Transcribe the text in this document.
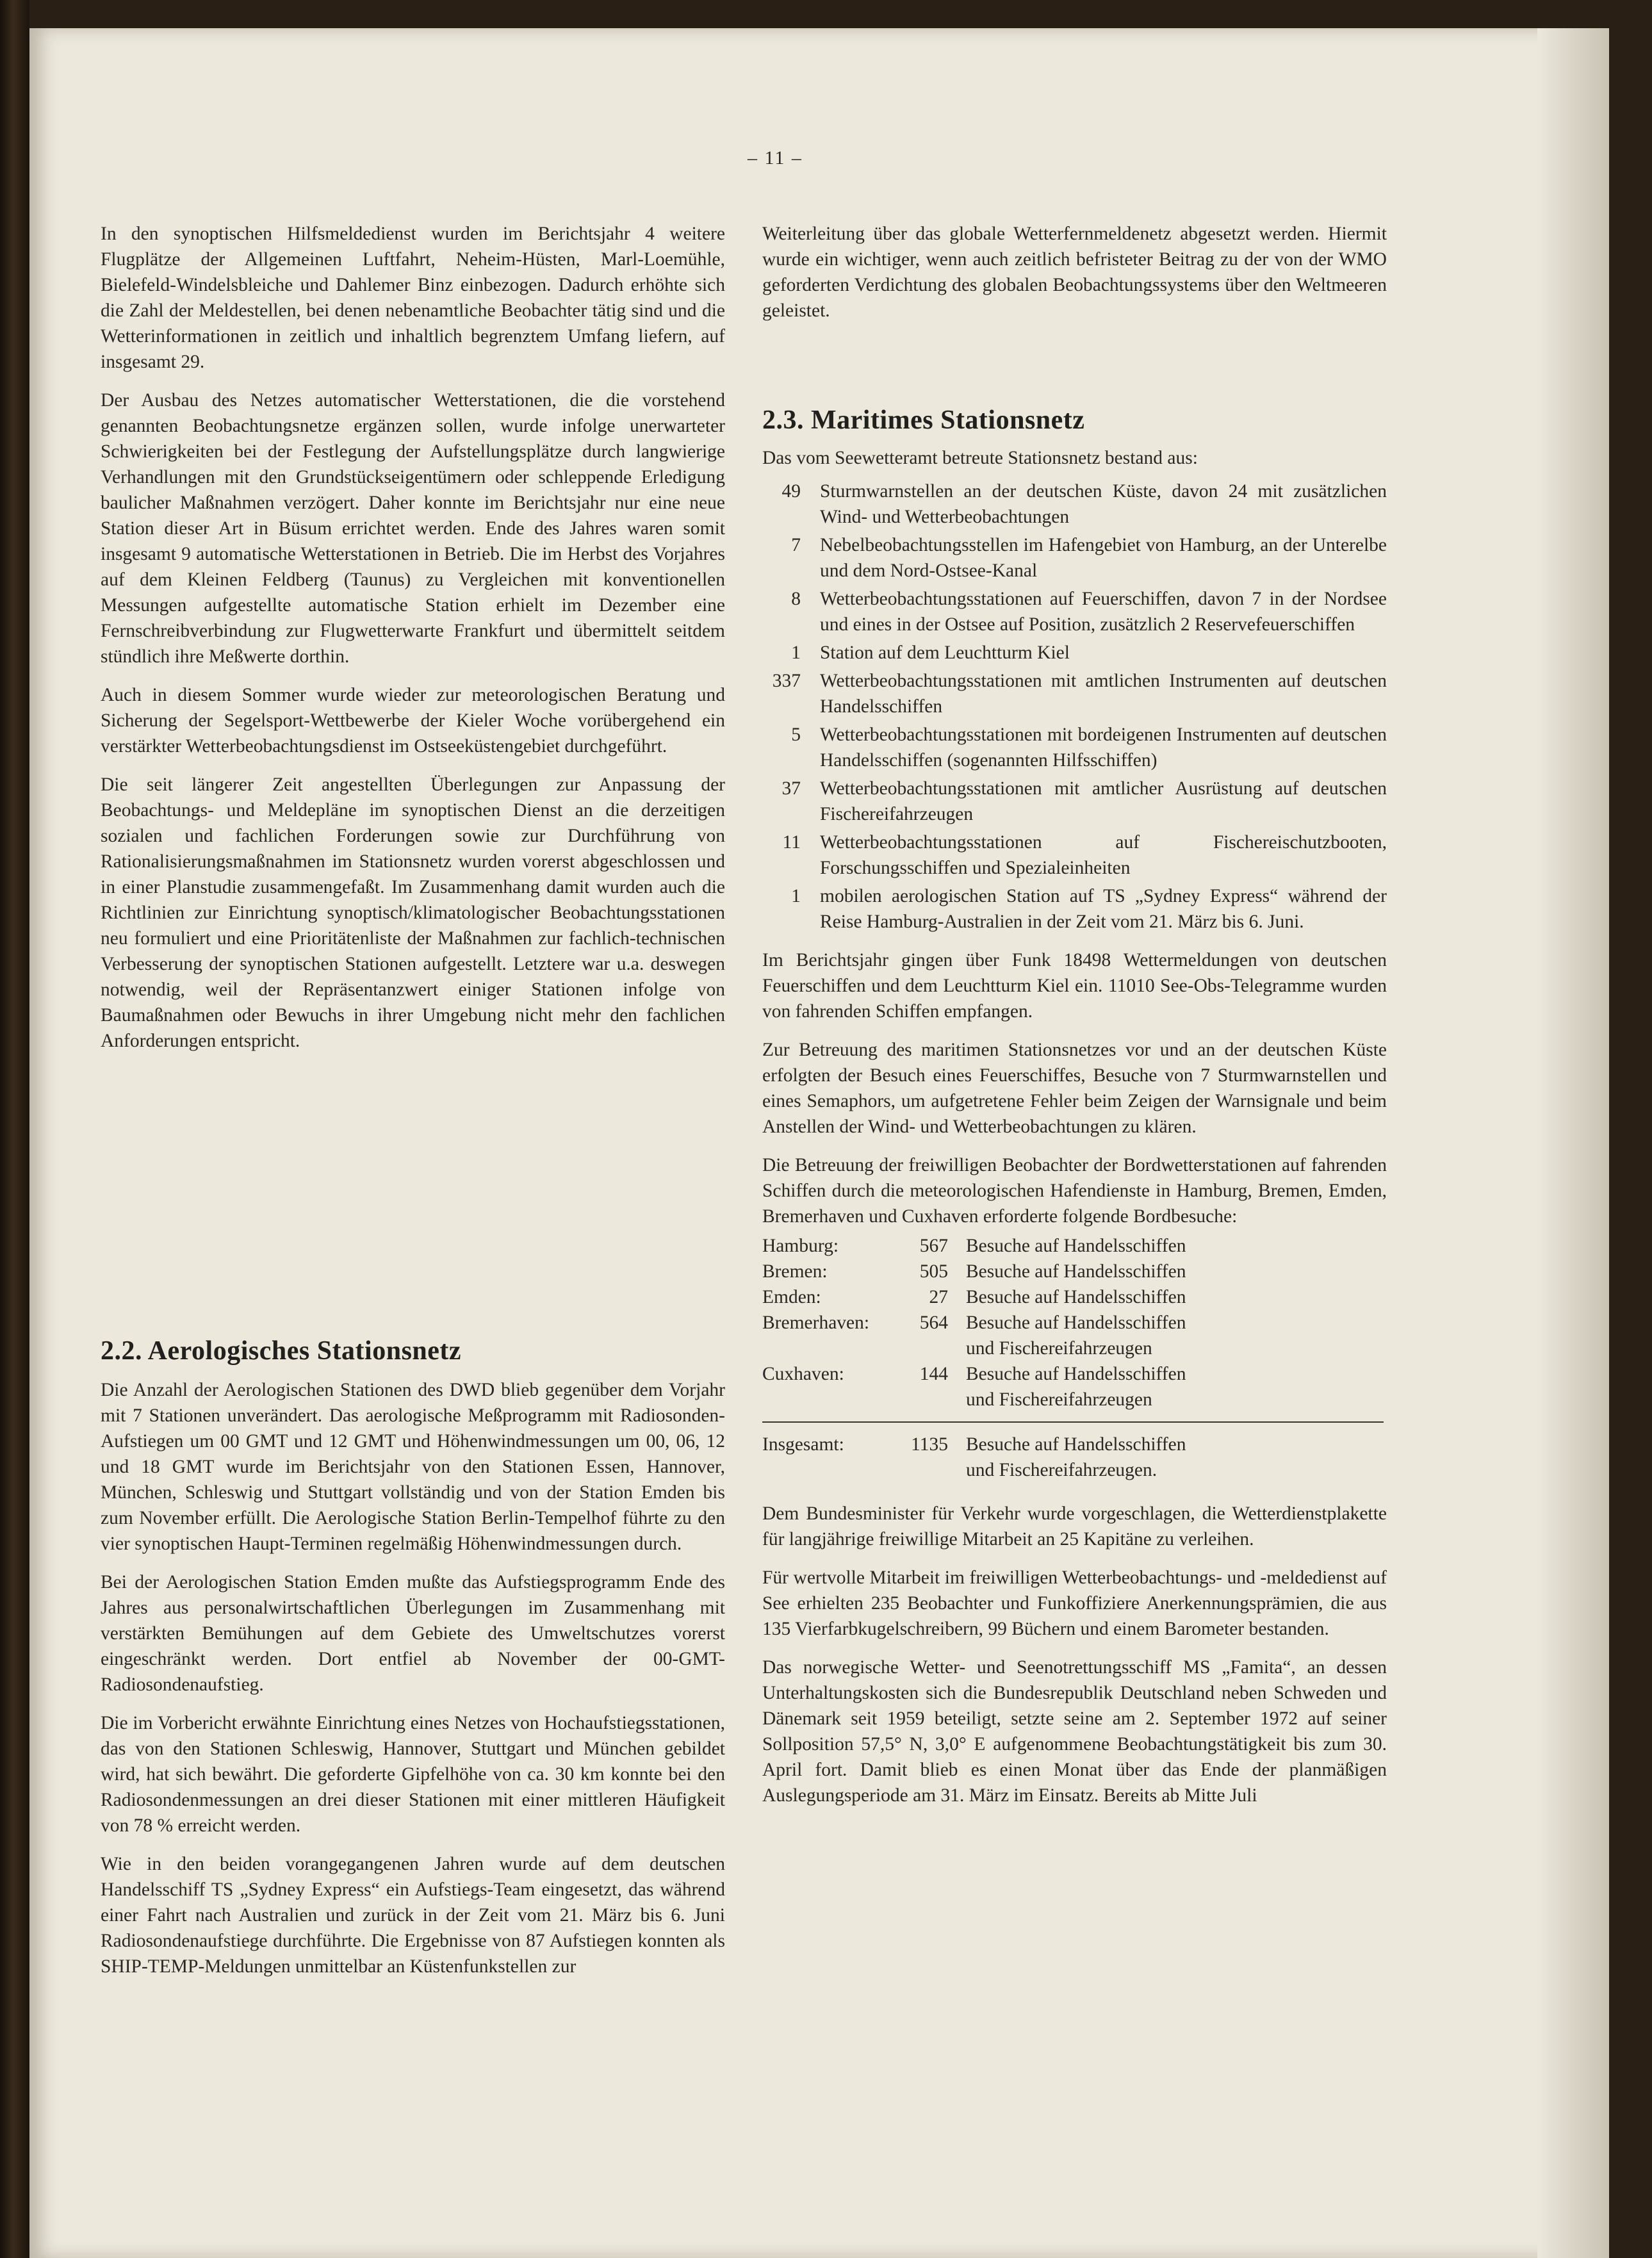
– 11 –

In den synoptischen Hilfsmeldedienst wurden im Berichtsjahr 4 weitere Flugplätze der Allgemeinen Luftfahrt, Neheim-Hüsten, Marl-Loemühle, Bielefeld-Windelsbleiche und Dahlemer Binz einbezogen. Dadurch erhöhte sich die Zahl der Meldestellen, bei denen nebenamtliche Beobachter tätig sind und die Wetterinformationen in zeitlich und inhaltlich begrenztem Umfang liefern, auf insgesamt 29.

Der Ausbau des Netzes automatischer Wetterstationen, die die vorstehend genannten Beobachtungsnetze ergänzen sollen, wurde infolge unerwarteter Schwierigkeiten bei der Festlegung der Aufstellungsplätze durch langwierige Verhandlungen mit den Grundstückseigentümern oder schleppende Erledigung baulicher Maßnahmen verzögert. Daher konnte im Berichtsjahr nur eine neue Station dieser Art in Büsum errichtet werden. Ende des Jahres waren somit insgesamt 9 automatische Wetterstationen in Betrieb. Die im Herbst des Vorjahres auf dem Kleinen Feldberg (Taunus) zu Vergleichen mit konventionellen Messungen aufgestellte automatische Station erhielt im Dezember eine Fernschreibverbindung zur Flugwetterwarte Frankfurt und übermittelt seitdem stündlich ihre Meßwerte dorthin.

Auch in diesem Sommer wurde wieder zur meteorologischen Beratung und Sicherung der Segelsport-Wettbewerbe der Kieler Woche vorübergehend ein verstärkter Wetterbeobachtungsdienst im Ostseeküstengebiet durchgeführt.

Die seit längerer Zeit angestellten Überlegungen zur Anpassung der Beobachtungs- und Meldepläne im synoptischen Dienst an die derzeitigen sozialen und fachlichen Forderungen sowie zur Durchführung von Rationalisierungsmaßnahmen im Stationsnetz wurden vorerst abgeschlossen und in einer Planstudie zusammengefaßt. Im Zusammenhang damit wurden auch die Richtlinien zur Einrichtung synoptisch/klimatologischer Beobachtungsstationen neu formuliert und eine Prioritätenliste der Maßnahmen zur fachlich-technischen Verbesserung der synoptischen Stationen aufgestellt. Letztere war u.a. deswegen notwendig, weil der Repräsentanzwert einiger Stationen infolge von Baumaßnahmen oder Bewuchs in ihrer Umgebung nicht mehr den fachlichen Anforderungen entspricht.

2.2. Aerologisches Stationsnetz

Die Anzahl der Aerologischen Stationen des DWD blieb gegenüber dem Vorjahr mit 7 Stationen unverändert. Das aerologische Meßprogramm mit Radiosonden-Aufstiegen um 00 GMT und 12 GMT und Höhenwindmessungen um 00, 06, 12 und 18 GMT wurde im Berichtsjahr von den Stationen Essen, Hannover, München, Schleswig und Stuttgart vollständig und von der Station Emden bis zum November erfüllt. Die Aerologische Station Berlin-Tempelhof führte zu den vier synoptischen Haupt-Terminen regelmäßig Höhenwindmessungen durch.

Bei der Aerologischen Station Emden mußte das Aufstiegsprogramm Ende des Jahres aus personalwirtschaftlichen Überlegungen im Zusammenhang mit verstärkten Bemühungen auf dem Gebiete des Umweltschutzes vorerst eingeschränkt werden. Dort entfiel ab November der 00-GMT-Radiosondenaufstieg.

Die im Vorbericht erwähnte Einrichtung eines Netzes von Hochaufstiegsstationen, das von den Stationen Schleswig, Hannover, Stuttgart und München gebildet wird, hat sich bewährt. Die geforderte Gipfelhöhe von ca. 30 km konnte bei den Radiosondenmessungen an drei dieser Stationen mit einer mittleren Häufigkeit von 78 % erreicht werden.

Wie in den beiden vorangegangenen Jahren wurde auf dem deutschen Handelsschiff TS „Sydney Express“ ein Aufstiegs-Team eingesetzt, das während einer Fahrt nach Australien und zurück in der Zeit vom 21. März bis 6. Juni Radiosondenaufstiege durchführte. Die Ergebnisse von 87 Aufstiegen konnten als SHIP-TEMP-Meldungen unmittelbar an Küstenfunkstellen zur

Weiterleitung über das globale Wetterfernmeldenetz abgesetzt werden. Hiermit wurde ein wichtiger, wenn auch zeitlich befristeter Beitrag zu der von der WMO geforderten Verdichtung des globalen Beobachtungssystems über den Weltmeeren geleistet.

2.3. Maritimes Stationsnetz

Das vom Seewetteramt betreute Stationsnetz bestand aus:

49	Sturmwarnstellen an der deutschen Küste, davon 24 mit zusätzlichen Wind- und Wetterbeobachtungen
7	Nebelbeobachtungsstellen im Hafengebiet von Hamburg, an der Unterelbe und dem Nord-Ostsee-Kanal
8	Wetterbeobachtungsstationen auf Feuerschiffen, davon 7 in der Nordsee und eines in der Ostsee auf Position, zusätzlich 2 Reservefeuerschiffen
1	Station auf dem Leuchtturm Kiel
337	Wetterbeobachtungsstationen mit amtlichen Instrumenten auf deutschen Handelsschiffen
5	Wetterbeobachtungsstationen mit bordeigenen Instrumenten auf deutschen Handelsschiffen (sogenannten Hilfsschiffen)
37	Wetterbeobachtungsstationen mit amtlicher Ausrüstung auf deutschen Fischereifahrzeugen
11	Wetterbeobachtungsstationen auf Fischereischutzbooten, Forschungsschiffen und Spezialeinheiten
1	mobilen aerologischen Station auf TS „Sydney Express“ während der Reise Hamburg-Australien in der Zeit vom 21. März bis 6. Juni.

Im Berichtsjahr gingen über Funk 18498 Wettermeldungen von deutschen Feuerschiffen und dem Leuchtturm Kiel ein. 11010 See-Obs-Telegramme wurden von fahrenden Schiffen empfangen.

Zur Betreuung des maritimen Stationsnetzes vor und an der deutschen Küste erfolgten der Besuch eines Feuerschiffes, Besuche von 7 Sturmwarnstellen und eines Semaphors, um aufgetretene Fehler beim Zeigen der Warnsignale und beim Anstellen der Wind- und Wetterbeobachtungen zu klären.

Die Betreuung der freiwilligen Beobachter der Bordwetterstationen auf fahrenden Schiffen durch die meteorologischen Hafendienste in Hamburg, Bremen, Emden, Bremerhaven und Cuxhaven erforderte folgende Bordbesuche:

Hamburg:	567 Besuche auf Handelsschiffen
Bremen:	505 Besuche auf Handelsschiffen
Emden:	27 Besuche auf Handelsschiffen
Bremerhaven:	564 Besuche auf Handelsschiffen
und Fischereifahrzeugen
Cuxhaven:	144 Besuche auf Handelsschiffen
und Fischereifahrzeugen
Insgesamt:	1135 Besuche auf Handelsschiffen
und Fischereifahrzeugen.

Dem Bundesminister für Verkehr wurde vorgeschlagen, die Wetterdienstplakette für langjährige freiwillige Mitarbeit an 25 Kapitäne zu verleihen.

Für wertvolle Mitarbeit im freiwilligen Wetterbeobachtungs- und -meldedienst auf See erhielten 235 Beobachter und Funkoffiziere Anerkennungsprämien, die aus 135 Vierfarbkugelschreibern, 99 Büchern und einem Barometer bestanden.

Das norwegische Wetter- und Seenotrettungsschiff MS „Famita“, an dessen Unterhaltungskosten sich die Bundesrepublik Deutschland neben Schweden und Dänemark seit 1959 beteiligt, setzte seine am 2. September 1972 auf seiner Sollposition 57,5° N, 3,0° E aufgenommene Beobachtungstätigkeit bis zum 30. April fort. Damit blieb es einen Monat über das Ende der planmäßigen Auslegungsperiode am 31. März im Einsatz. Bereits ab Mitte Juli
